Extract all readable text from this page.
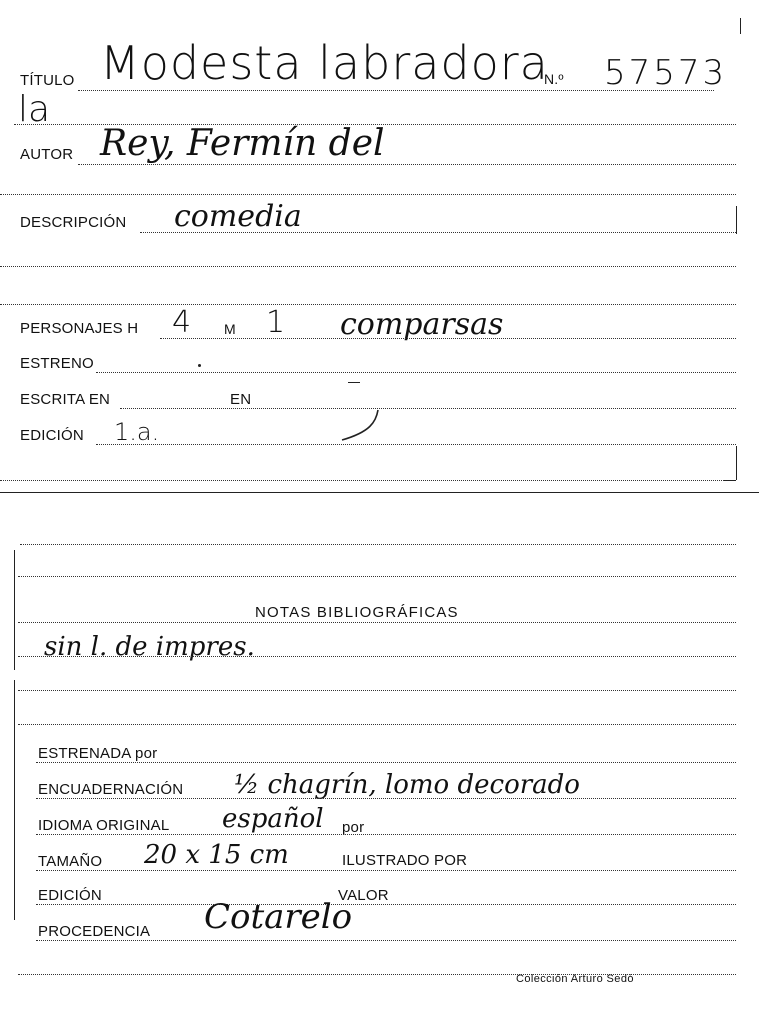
TÍTULO Modesta labradora
N.º 57573
la
AUTOR Rey, Fermín del
DESCRIPCIÓN comedia
PERSONAJES H 4 M 1 comparsas
ESTRENO
ESCRITA EN	EN
EDICIÓN 1.a.
NOTAS BIBLIOGRÁFICAS
sin l. de impres.
ESTRENADA por
ENCUADERNACIÓN ½ chagrín, lomo decorado
IDIOMA ORIGINAL español por
TAMAÑO 20 x 15 cm	ILUSTRADO POR
EDICIÓN	VALOR
PROCEDENCIA Cotarelo
Colección Arturo Sedó
